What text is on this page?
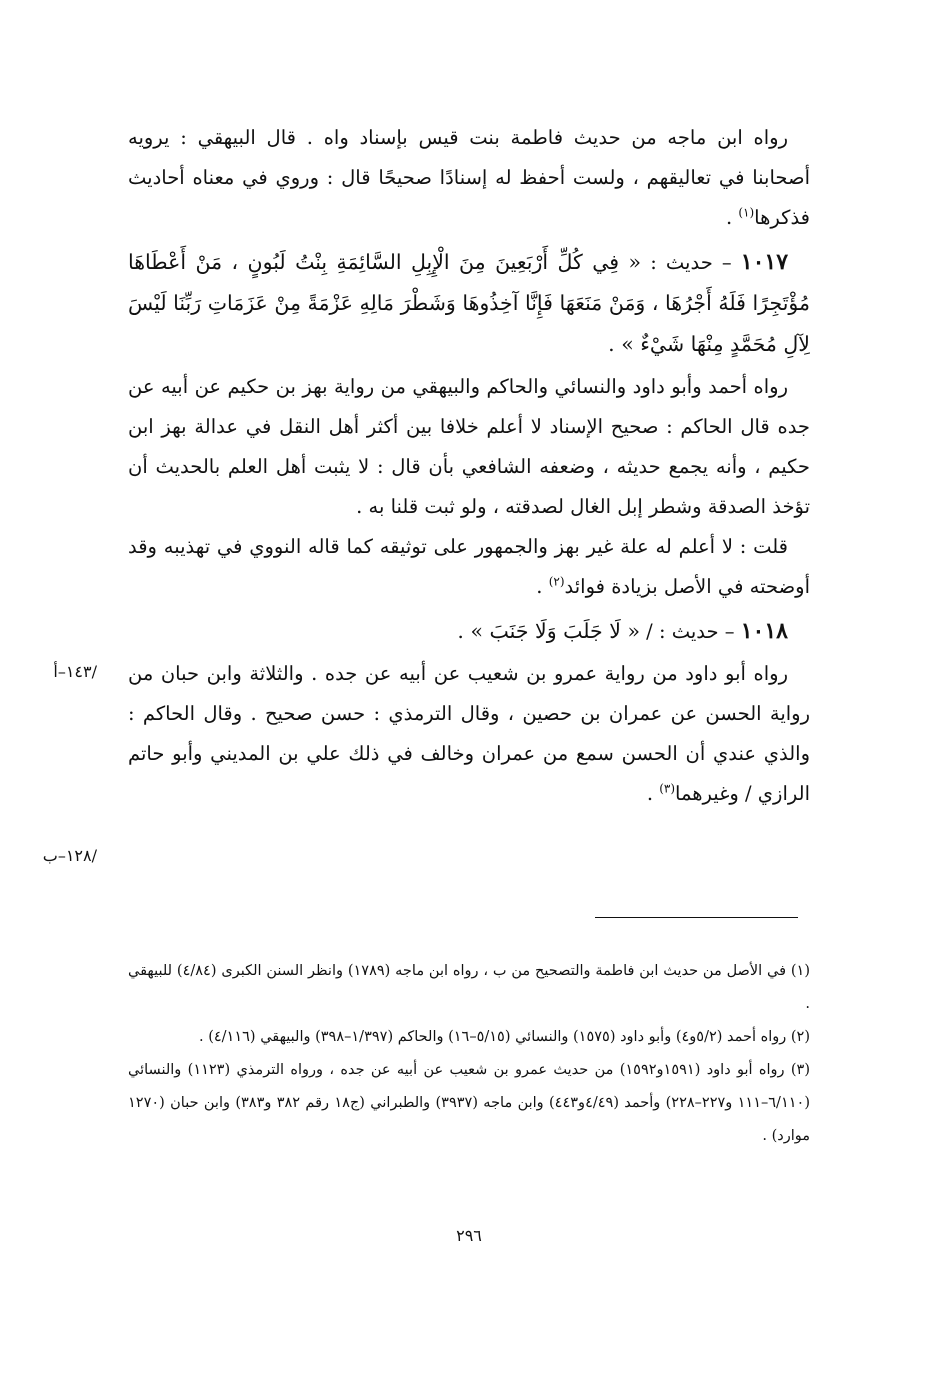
رواه ابن ماجه من حديث فاطمة بنت قيس بإسناد واه . قال البيهقي : يرويه أصحابنا في تعاليقهم ، ولست أحفظ له إسنادًا صحيحًا قال : وروي في معناه أحاديث فذكرها$^{(١)}$ .

١٠١٧ – حديث : « فِي كُلِّ أَرْبَعِينَ مِنَ الْإِبِلِ السَّائِمَةِ بِنْتُ لَبُونٍ ، مَنْ أَعْطَاهَا مُؤْتَجِرًا فَلَهُ أَجْرُهَا ، وَمَنْ مَنَعَهَا فَإِنَّا آخِذُوهَا وَشَطْرَ مَالِهِ عَزْمَةً مِنْ عَزَمَاتِ رَبِّنَا لَيْسَ لِآلِ مُحَمَّدٍ مِنْهَا شَيْءٌ » .

رواه أحمد وأبو داود والنسائي والحاكم والبيهقي من رواية بهز بن حكيم عن أبيه عن جده قال الحاكم : صحيح الإسناد لا أعلم خلافا بين أكثر أهل النقل في عدالة بهز ابن حكيم ، وأنه يجمع حديثه ، وضعفه الشافعي بأن قال : لا يثبت أهل العلم بالحديث أن تؤخذ الصدقة وشطر إبل الغال لصدقته ، ولو ثبت قلنا به .

قلت : لا أعلم له علة غير بهز والجمهور على توثيقه كما قاله النووي في تهذيبه وقد أوضحته في الأصل بزيادة فوائد$^{(٢)}$ .

١٠١٨ – حديث : / « لَا جَلَبَ وَلَا جَنَبَ » .

رواه أبو داود من رواية عمرو بن شعيب عن أبيه عن جده . والثلاثة وابن حبان من رواية الحسن عن عمران بن حصين ، وقال الترمذي : حسن صحيح . وقال الحاكم : والذي عندي أن الحسن سمع من عمران وخالف في ذلك علي بن المديني وأبو حاتم الرازي / وغيرهما$^{(٣)}$ .

/١٤٣–أ
/١٢٨–ب

(١) في الأصل من حديث ابن فاطمة والتصحيح من ب ، رواه ابن ماجه (١٧٨٩) وانظر السنن الكبرى (٤/٨٤) للبيهقي .

(٢) رواه أحمد (٥/٢و٤) وأبو داود (١٥٧٥) والنسائي (٥/١٥–١٦) والحاكم (١/٣٩٧–٣٩٨) والبيهقي (٤/١١٦) .

(٣) رواه أبو داود (١٥٩١و١٥٩٢) من حديث عمرو بن شعيب عن أبيه عن جده ، ورواه الترمذي (١١٢٣) والنسائي (٦/١١٠–١١١ و٢٢٧–٢٢٨) وأحمد (٤/٤٩و٤٤٣) وابن ماجه (٣٩٣٧) والطبراني (ج١٨ رقم ٣٨٢ و٣٨٣) وابن حبان (١٢٧٠ موارد) .

٢٩٦
